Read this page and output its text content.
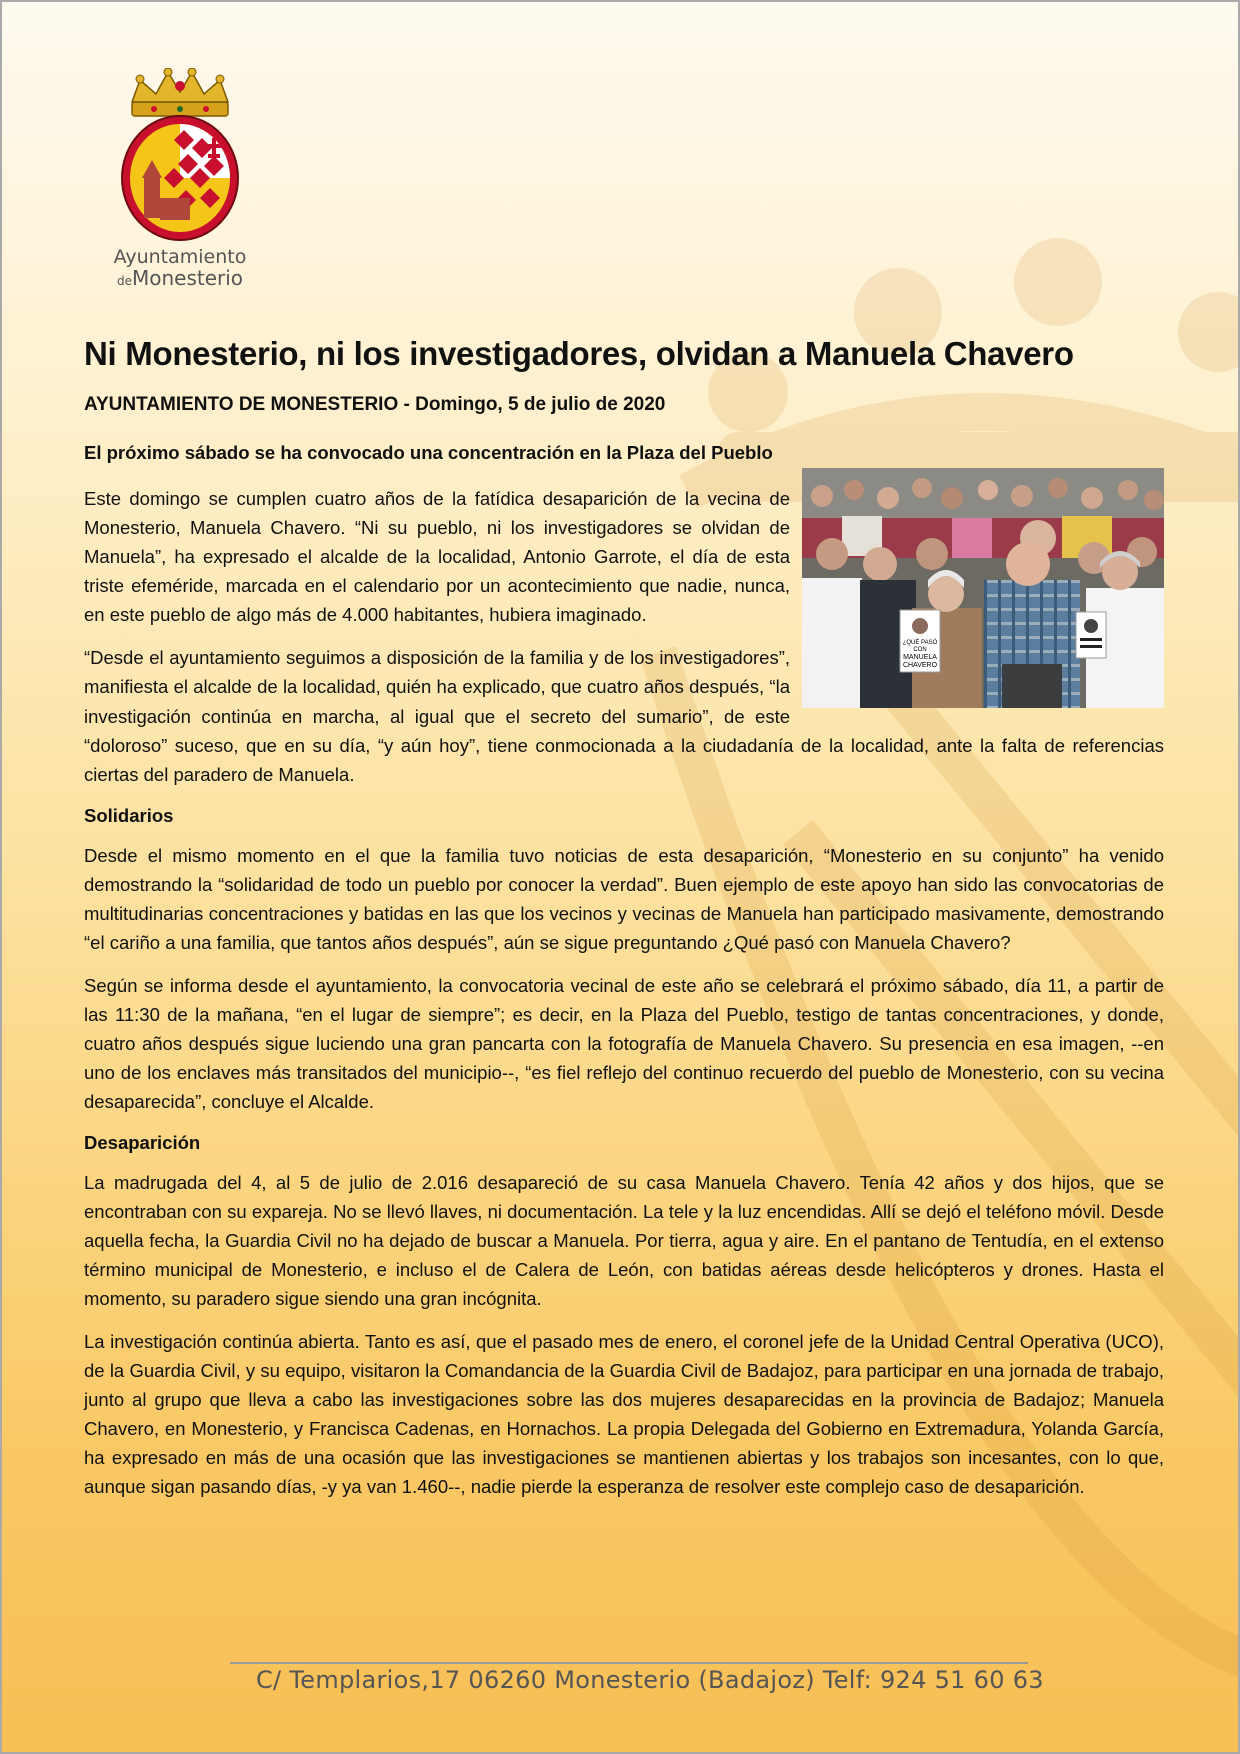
Ayuntamiento
deMonesterio
Ni Monesterio, ni los investigadores, olvidan a Manuela Chavero
AYUNTAMIENTO DE MONESTERIO - Domingo, 5 de julio de 2020
El próximo sábado se ha convocado una concentración en la Plaza del Pueblo
¿QUÉ PASÓ
CON
MANUELA
CHAVERO

Este domingo se cumplen cuatro años de la fatídica desaparición de la vecina de Monesterio, Manuela Chavero. “Ni su pueblo, ni los investigadores se olvidan de Manuela”, ha expresado el alcalde de la localidad, Antonio Garrote, el día de esta triste efeméride, marcada en el calendario por un acontecimiento que nadie, nunca, en este pueblo de algo más de 4.000 habitantes, hubiera imaginado.

“Desde el ayuntamiento seguimos a disposición de la familia y de los investigadores”, manifiesta el alcalde de la localidad, quién ha explicado, que cuatro años después, “la investigación continúa en marcha, al igual que el secreto del sumario”, de este “doloroso” suceso, que en su día, “y aún hoy”, tiene conmocionada a la ciudadanía de la localidad, ante la falta de referencias ciertas del paradero de Manuela.

Solidarios

Desde el mismo momento en el que la familia tuvo noticias de esta desaparición, “Monesterio en su conjunto” ha venido demostrando la “solidaridad de todo un pueblo por conocer la verdad”. Buen ejemplo de este apoyo han sido las convocatorias de multitudinarias concentraciones y batidas en las que los vecinos y vecinas de Manuela han participado masivamente, demostrando “el cariño a una familia, que tantos años después”, aún se sigue preguntando ¿Qué pasó con Manuela Chavero?

Según se informa desde el ayuntamiento, la convocatoria vecinal de este año se celebrará el próximo sábado, día 11, a partir de las 11:30 de la mañana, “en el lugar de siempre”; es decir, en la Plaza del Pueblo, testigo de tantas concentraciones, y donde, cuatro años después sigue luciendo una gran pancarta con la fotografía de Manuela Chavero. Su presencia en esa imagen, --en uno de los enclaves más transitados del municipio--, “es fiel reflejo del continuo recuerdo del pueblo de Monesterio, con su vecina desaparecida”, concluye el Alcalde.

Desaparición

La madrugada del 4, al 5 de julio de 2.016 desapareció de su casa Manuela Chavero. Tenía 42 años y dos hijos, que se encontraban con su expareja. No se llevó llaves, ni documentación. La tele y la luz encendidas. Allí se dejó el teléfono móvil. Desde aquella fecha, la Guardia Civil no ha dejado de buscar a Manuela. Por tierra, agua y aire. En el pantano de Tentudía, en el extenso término municipal de Monesterio, e incluso el de Calera de León, con batidas aéreas desde helicópteros y drones. Hasta el momento, su paradero sigue siendo una gran incógnita.

La investigación continúa abierta. Tanto es así, que el pasado mes de enero, el coronel jefe de la Unidad Central Operativa (UCO), de la Guardia Civil, y su equipo, visitaron la Comandancia de la Guardia Civil de Badajoz, para participar en una jornada de trabajo, junto al grupo que lleva a cabo las investigaciones sobre las dos mujeres desaparecidas en la provincia de Badajoz; Manuela Chavero, en Monesterio, y Francisca Cadenas, en Hornachos. La propia Delegada del Gobierno en Extremadura, Yolanda García, ha expresado en más de una ocasión que las investigaciones se mantienen abiertas y los trabajos son incesantes, con lo que, aunque sigan pasando días, -y ya van 1.460--, nadie pierde la esperanza de resolver este complejo caso de desaparición.

C/ Templarios,17 06260 Monesterio (Badajoz) Telf: 924 51 60 63
